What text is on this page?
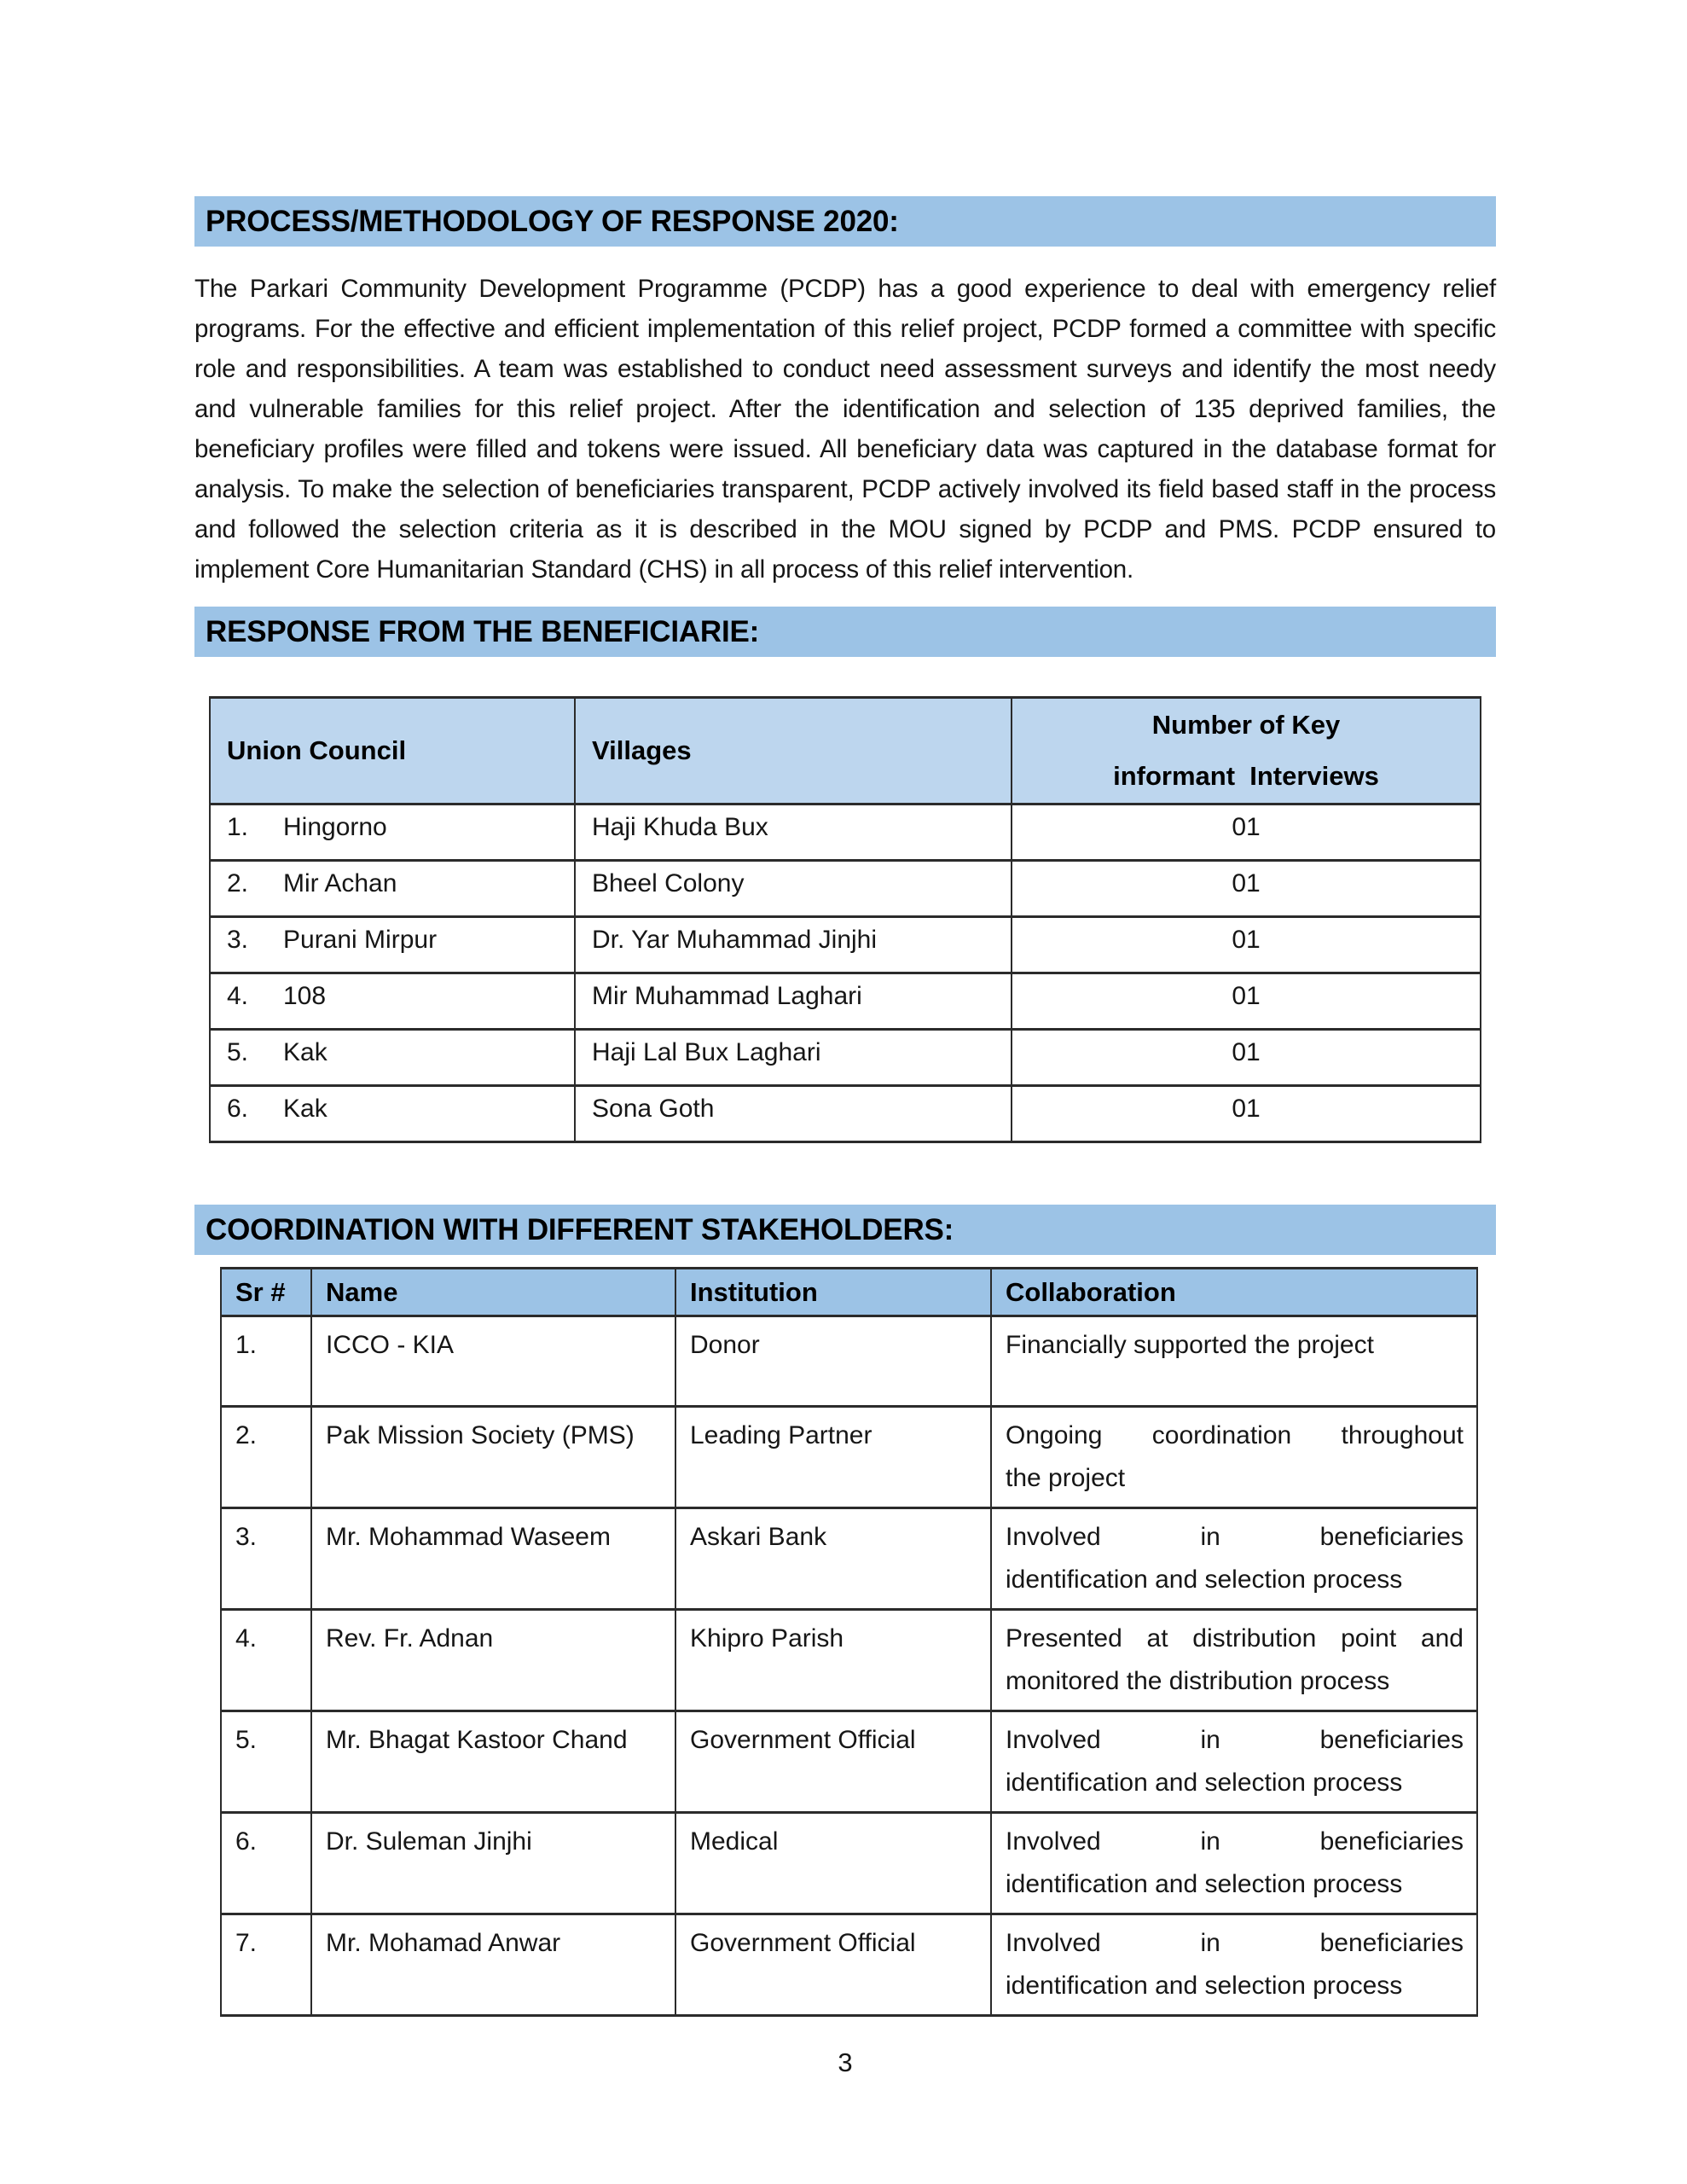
PROCESS/METHODOLOGY OF RESPONSE 2020:

The Parkari Community Development Programme (PCDP) has a good experience to deal with emergency relief programs. For the effective and efficient implementation of this relief project, PCDP formed a committee with specific role and responsibilities. A team was established to conduct need assessment surveys and identify the most needy and vulnerable families for this relief project. After the identification and selection of 135 deprived families, the beneficiary profiles were filled and tokens were issued. All beneficiary data was captured in the database format for analysis. To make the selection of beneficiaries transparent, PCDP actively involved its field based staff in the process and followed the selection criteria as it is described in the MOU signed by PCDP and PMS. PCDP ensured to implement Core Humanitarian Standard (CHS) in all process of this relief intervention.

RESPONSE FROM THE BENEFICIARIE:
Union Council	Villages	Number of Key
informant  Interviews

1. Hingorno	Haji Khuda Bux	01
2. Mir Achan	Bheel Colony	01
3. Purani Mirpur	Dr. Yar Muhammad Jinjhi	01
4. 108	Mir Muhammad Laghari	01
5. Kak	Haji Lal Bux Laghari	01
6. Kak	Sona Goth	01
COORDINATION WITH DIFFERENT STAKEHOLDERS:
Sr #	Name	Institution	Collaboration
1.	ICCO - KIA	Donor	Financially supported the project

2.	Pak Mission Society (PMS)	Leading Partner	Ongoing coordination throughout
the project

3.	Mr. Mohammad Waseem	Askari Bank	Involved in beneficiaries
identification and selection process

4.	Rev. Fr. Adnan	Khipro Parish	Presented at distribution point and
monitored the distribution process

5.	Mr. Bhagat Kastoor Chand	Government Official	Involved in beneficiaries
identification and selection process

6.	Dr. Suleman Jinjhi	Medical	Involved in beneficiaries
identification and selection process

7.	Mr. Mohamad Anwar	Government Official	Involved in beneficiaries
identification and selection process
3
